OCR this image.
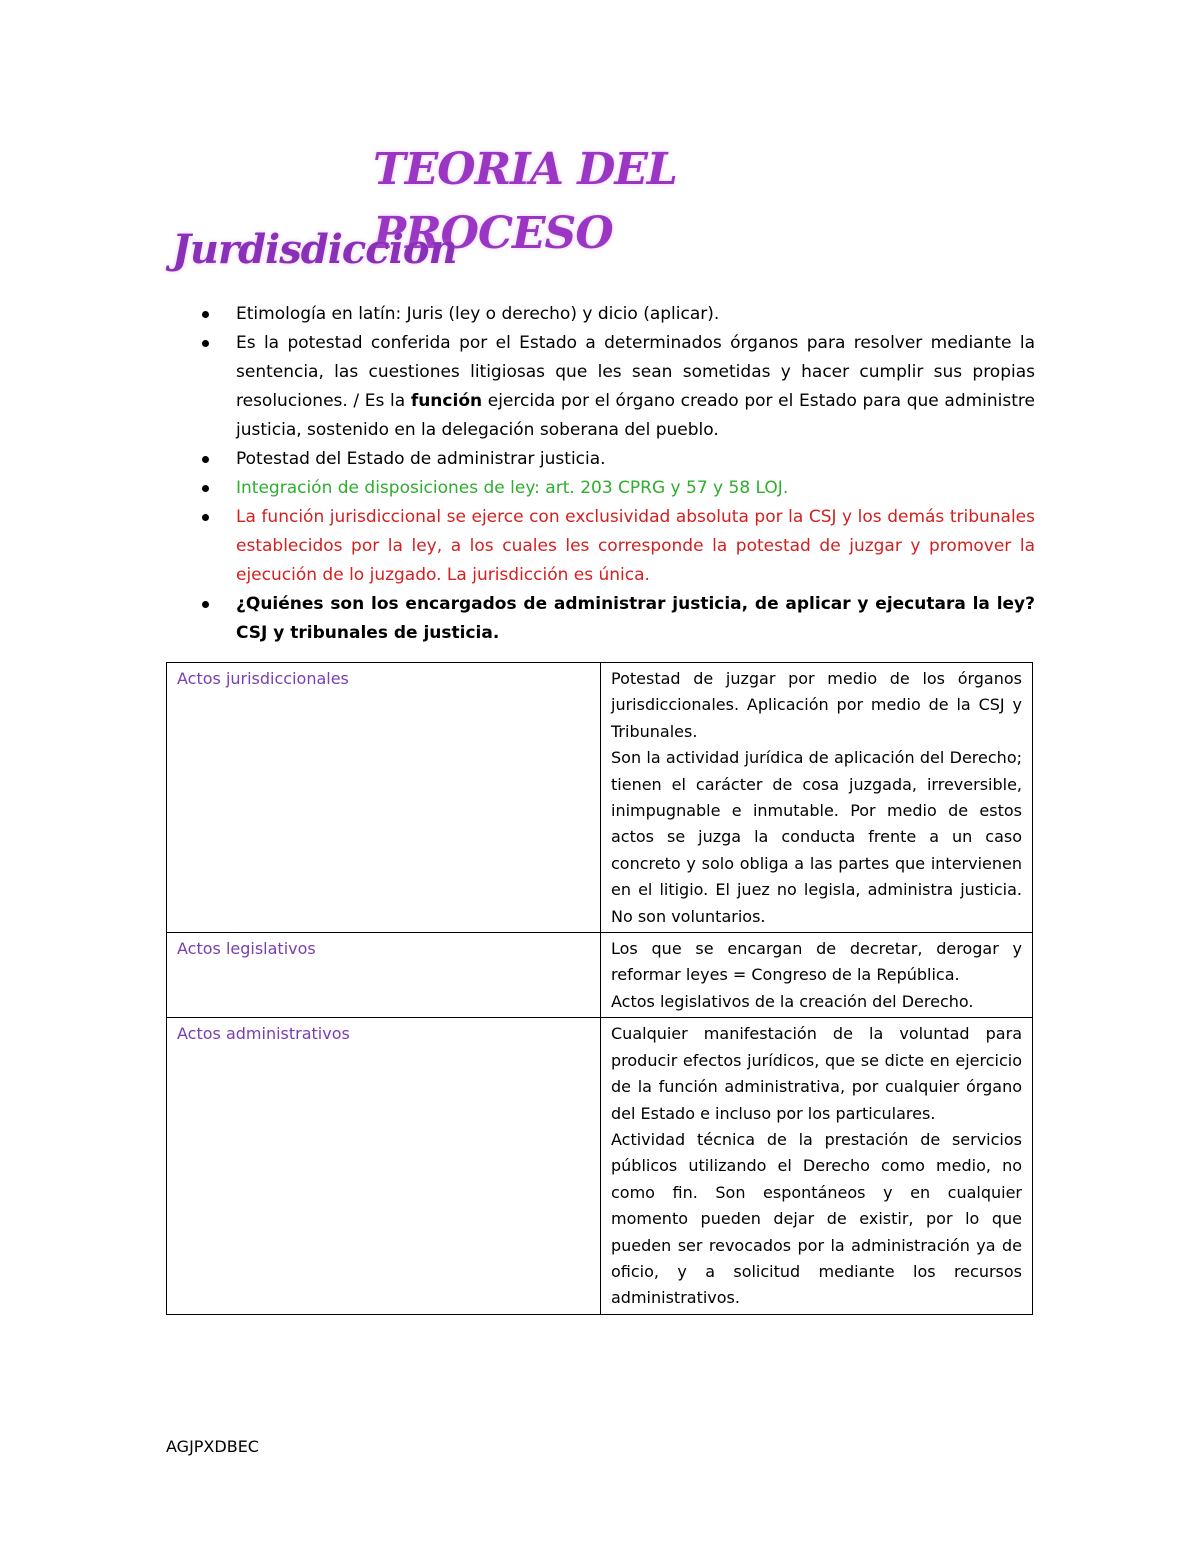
TEORIA DEL PROCESO
Jurdisdiccion
Etimología en latín: Juris (ley o derecho) y dicio (aplicar).
Es la potestad conferida por el Estado a determinados órganos para resolver mediante la sentencia, las cuestiones litigiosas que les sean sometidas y hacer cumplir sus propias resoluciones. / Es la función ejercida por el órgano creado por el Estado para que administre justicia, sostenido en la delegación soberana del pueblo.
Potestad del Estado de administrar justicia.
Integración de disposiciones de ley: art. 203 CPRG y 57 y 58 LOJ.
La función jurisdiccional se ejerce con exclusividad absoluta por la CSJ y los demás tribunales establecidos por la ley, a los cuales les corresponde la potestad de juzgar y promover la ejecución de lo juzgado. La jurisdicción es única.
¿Quiénes son los encargados de administrar justicia, de aplicar y ejecutara la ley? CSJ y tribunales de justicia.
Actos jurisdiccionales	Potestad de juzgar por medio de los órganos jurisdiccionales. Aplicación por medio de la CSJ y Tribunales.

Son la actividad jurídica de aplicación del Derecho; tienen el carácter de cosa juzgada, irreversible, inimpugnable e inmutable. Por medio de estos actos se juzga la conducta frente a un caso concreto y solo obliga a las partes que intervienen en el litigio. El juez no legisla, administra justicia. No son voluntarios.

Actos legislativos	Los que se encargan de decretar, derogar y reformar leyes = Congreso de la República.

Actos legislativos de la creación del Derecho.

Actos administrativos	Cualquier manifestación de la voluntad para producir efectos jurídicos, que se dicte en ejercicio de la función administrativa, por cualquier órgano del Estado e incluso por los particulares.

Actividad técnica de la prestación de servicios públicos utilizando el Derecho como medio, no como fin. Son espontáneos y en cualquier momento pueden dejar de existir, por lo que pueden ser revocados por la administración ya de oficio, y a solicitud mediante los recursos administrativos.

AGJPXDBEC
